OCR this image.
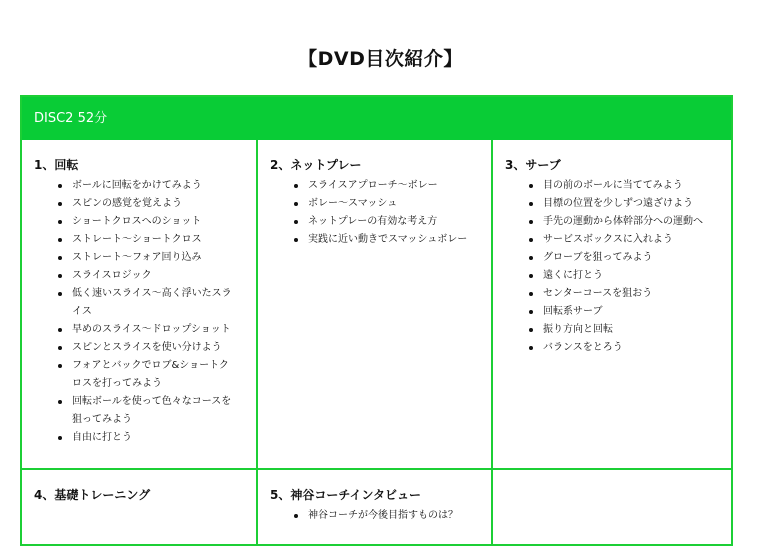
【DVD目次紹介】
DISC2 52分
1、回転
ボールに回転をかけてみよう
スピンの感覚を覚えよう
ショートクロスへのショット
ストレート～ショートクロス
ストレート～フォア回り込み
スライスロジック
低く速いスライス～高く浮いたスライス
早めのスライス～ドロップショット
スピンとスライスを使い分けよう
フォアとバックでロブ&ショートクロスを打ってみよう
回転ボールを使って色々なコースを狙ってみよう
自由に打とう
2、ネットプレー
スライスアプローチ～ボレー
ボレー～スマッシュ
ネットプレーの有効な考え方
実践に近い動きでスマッシュボレー
3、サーブ
目の前のボールに当ててみよう
目標の位置を少しずつ遠ざけよう
手先の運動から体幹部分への運動へ
サービスボックスに入れよう
グローブを狙ってみよう
遠くに打とう
センターコースを狙おう
回転系サーブ
振り方向と回転
バランスをとろう
4、基礎トレーニング	5、神谷コーチインタビュー
神谷コーチが今後目指すものは？
